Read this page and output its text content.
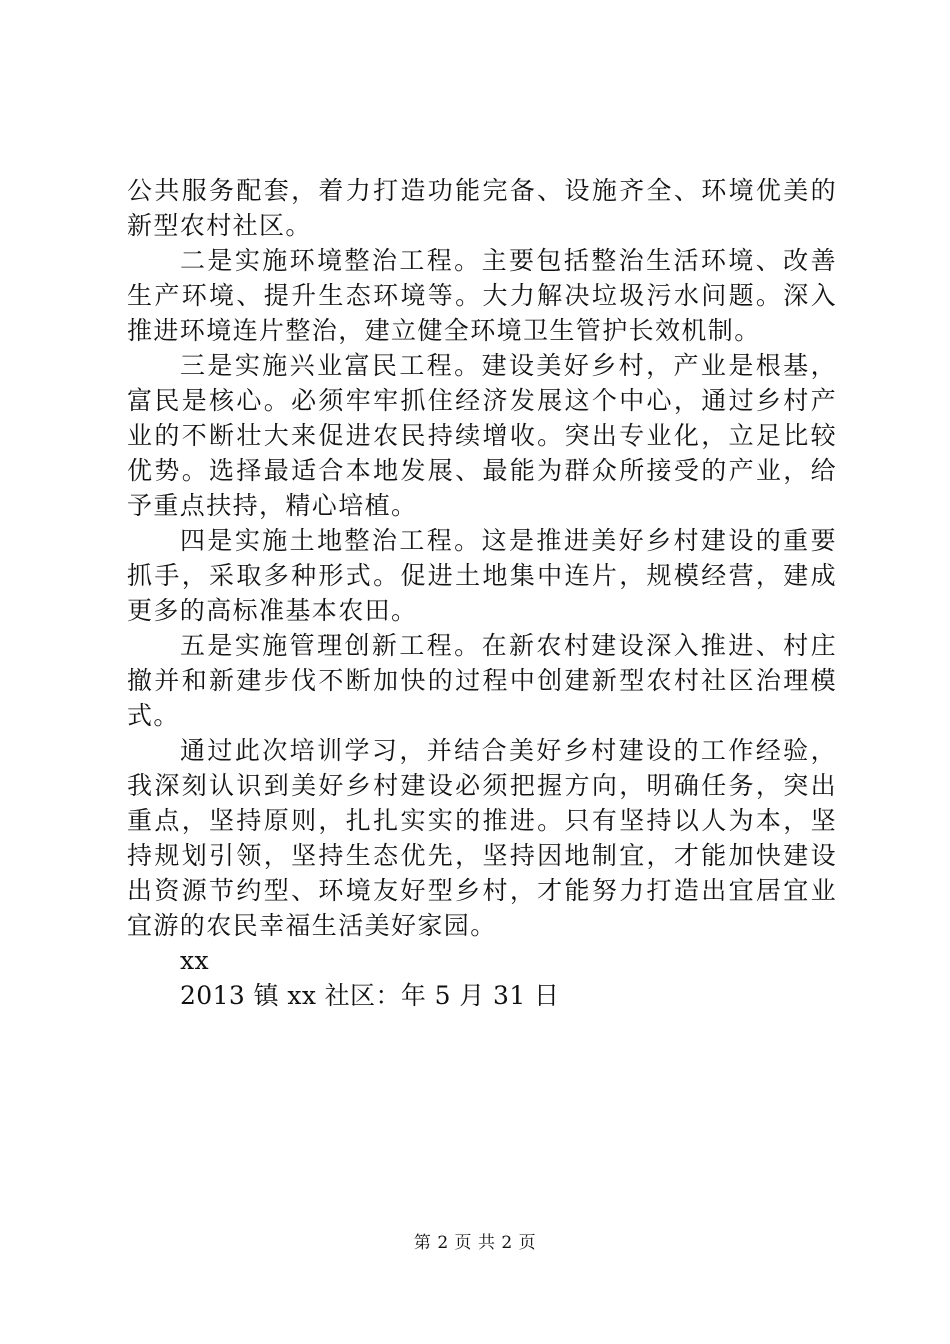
公共服务配套，着力打造功能完备、设施齐全、环境优美的新型农村社区。

二是实施环境整治工程。主要包括整治生活环境、改善生产环境、提升生态环境等。大力解决垃圾污水问题。深入推进环境连片整治，建立健全环境卫生管护长效机制。

三是实施兴业富民工程。建设美好乡村，产业是根基，富民是核心。必须牢牢抓住经济发展这个中心，通过乡村产业的不断壮大来促进农民持续增收。突出专业化，立足比较优势。选择最适合本地发展、最能为群众所接受的产业，给予重点扶持，精心培植。

四是实施土地整治工程。这是推进美好乡村建设的重要抓手，采取多种形式。促进土地集中连片，规模经营，建成更多的高标准基本农田。

五是实施管理创新工程。在新农村建设深入推进、村庄撤并和新建步伐不断加快的过程中创建新型农村社区治理模式。

通过此次培训学习，并结合美好乡村建设的工作经验，我深刻认识到美好乡村建设必须把握方向，明确任务，突出重点，坚持原则，扎扎实实的推进。只有坚持以人为本，坚持规划引领，坚持生态优先，坚持因地制宜，才能加快建设出资源节约型、环境友好型乡村，才能努力打造出宜居宜业宜游的农民幸福生活美好家园。

xx

2013 镇 xx 社区：年 5 月 31 日

第 2 页 共 2 页
